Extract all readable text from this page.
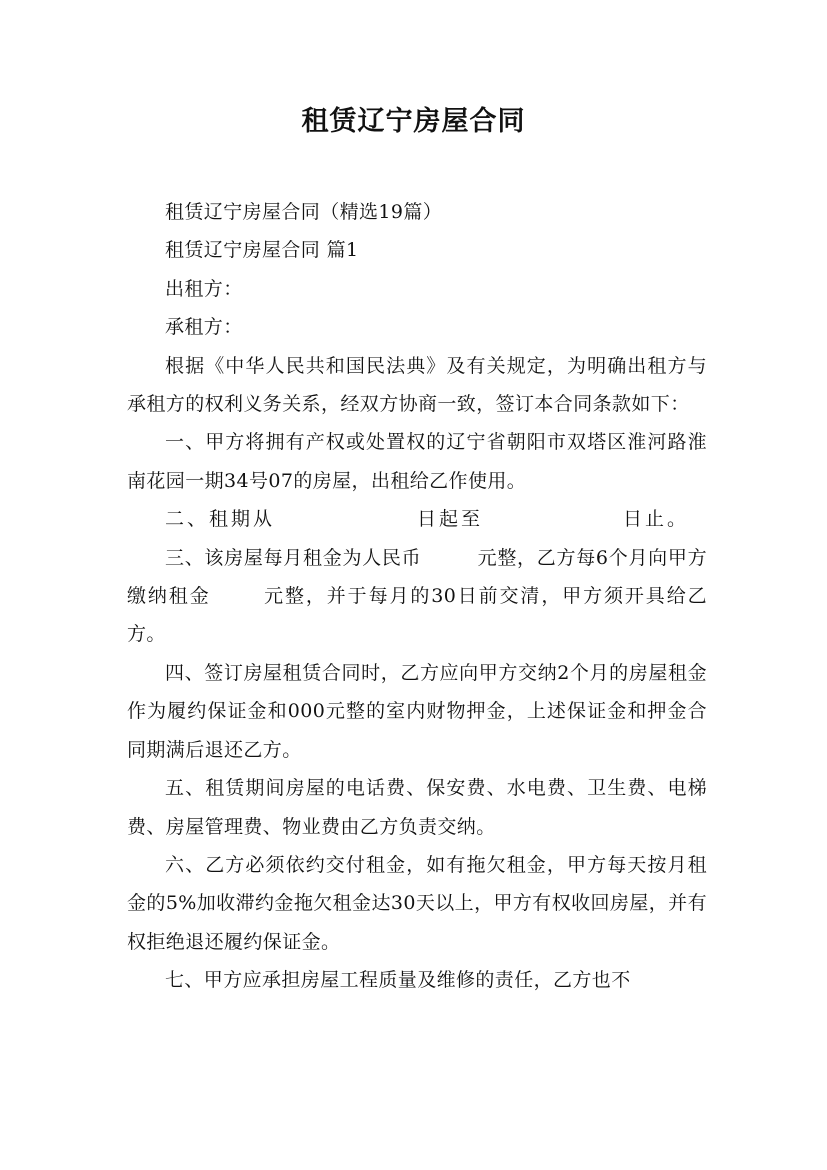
租赁辽宁房屋合同

租赁辽宁房屋合同（精选19篇）

租赁辽宁房屋合同 篇1

出租方：

承租方：

根据《中华人民共和国民法典》及有关规定，为明确出租方与承租方的权利义务关系，经双方协商一致，签订本合同条款如下：

一、甲方将拥有产权或处置权的辽宁省朝阳市双塔区淮河路淮南花园一期34号07的房屋，出租给乙作使用。

二、租期从	日起至	日止。

三、该房屋每月租金为人民币	元整，乙方每6个月向甲方缴纳租金	元整，并于每月的30日前交清，甲方须开具给乙方。

四、签订房屋租赁合同时，乙方应向甲方交纳2个月的房屋租金作为履约保证金和000元整的室内财物押金，上述保证金和押金合同期满后退还乙方。

五、租赁期间房屋的电话费、保安费、水电费、卫生费、电梯费、房屋管理费、物业费由乙方负责交纳。

六、乙方必须依约交付租金，如有拖欠租金，甲方每天按月租金的5%加收滞约金拖欠租金达30天以上，甲方有权收回房屋，并有权拒绝退还履约保证金。

七、甲方应承担房屋工程质量及维修的责任，乙方也不
